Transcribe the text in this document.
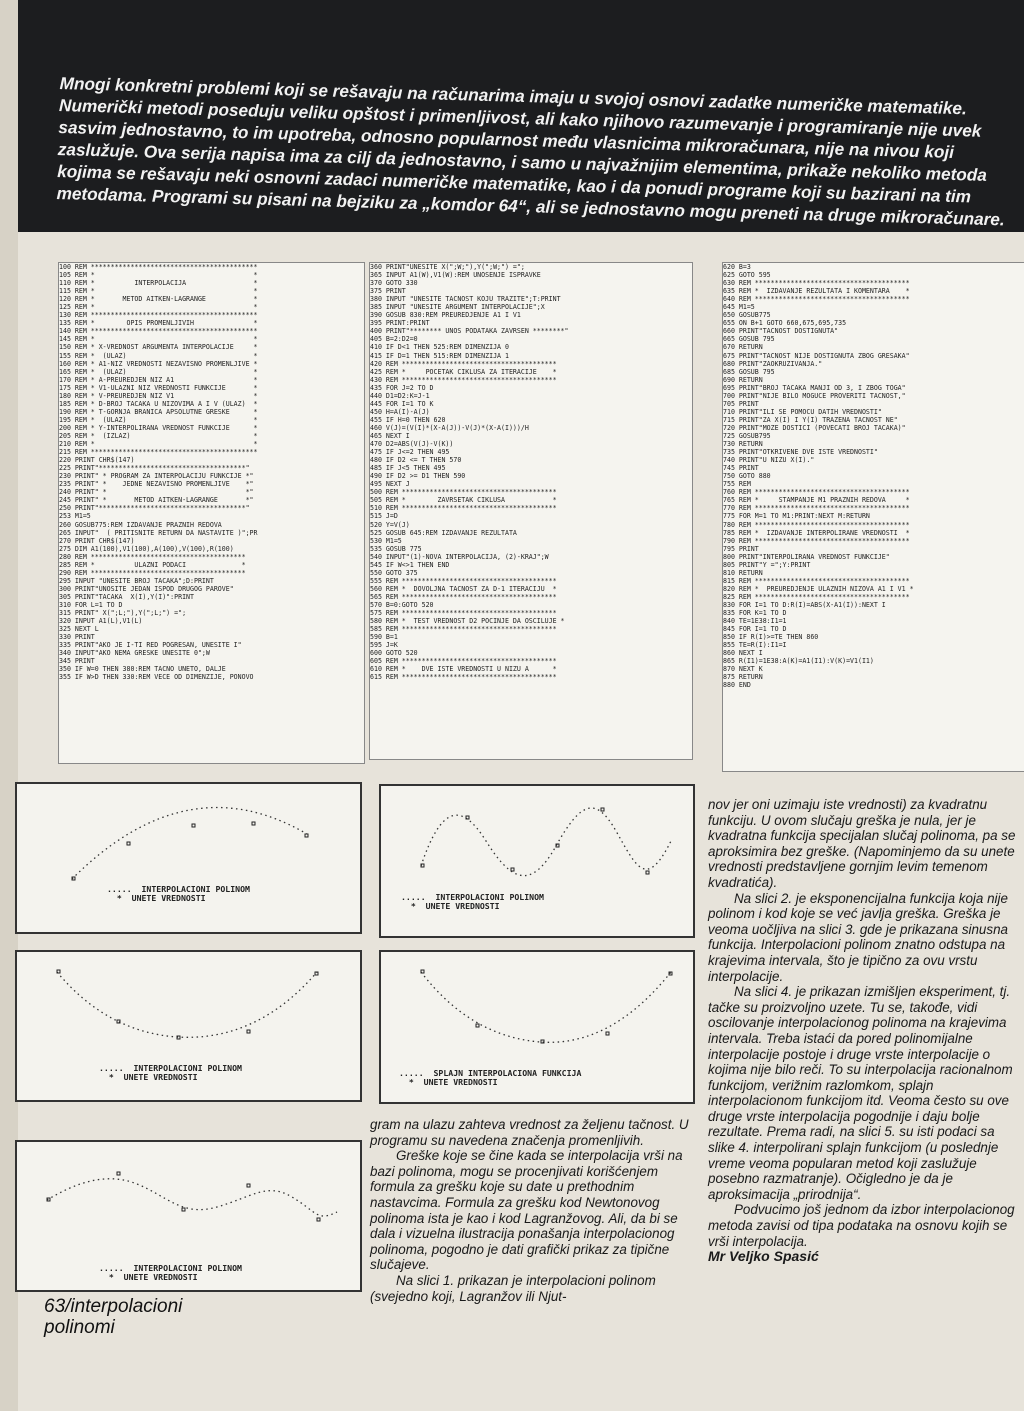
Mnogi konkretni problemi koji se rešavaju na računarima imaju u svojoj osnovi zadatke numeričke matematike. Numerički metodi poseduju veliku opštost i primenljivost, ali kako njihovo razumevanje i programiranje nije uvek sasvim jednostavno, to im upotreba, odnosno popularnost među vlasnicima mikroračunara, nije na nivou koji zaslužuje. Ova serija napisa ima za cilj da jednostavno, i samo u najvažnijim elementima, prikaže nekoliko metoda kojima se rešavaju neki osnovni zadaci numeričke matematike, kao i da ponudi programe koji su bazirani na tim metodama. Programi su pisani na bejziku za „komdor 64“, ali se jednostavno mogu preneti na druge mikroračunare.

100 REM ******************************************
105 REM *                                        *
110 REM *          INTERPOLACIJA                 *
115 REM *                                        *
120 REM *       METOD AITKEN-LAGRANGE            *
125 REM *                                        *
130 REM ******************************************
135 REM *        OPIS PROMENLJIVIH               *
140 REM ******************************************
145 REM *                                        *
150 REM * X-VREDNOST ARGUMENTA INTERPOLACIJE     *
155 REM *  (ULAZ)                                *
160 REM * A1-NIZ VREDNOSTI NEZAVISNO PROMENLJIVE *
165 REM *  (ULAZ)                                *
170 REM * A-PREUREDJEN NIZ A1                    *
175 REM * V1-ULAZNI NIZ VREDNOSTI FUNKCIJE       *
180 REM * V-PREUREDJEN NIZ V1                    *
185 REM * D-BROJ TACAKA U NIZOVIMA A I V (ULAZ)  *
190 REM * T-GORNJA BRANICA APSOLUTNE GRESKE      *
195 REM *  (ULAZ)                                *
200 REM * Y-INTERPOLIRANA VREDNOST FUNKCIJE      *
205 REM *  (IZLAZ)                               *
210 REM *                                        *
215 REM ******************************************
220 PRINT CHR$(147)
225 PRINT"*************************************"
230 PRINT" * PROGRAM ZA INTERPOLACIJU FUNKCIJE *"
235 PRINT" *    JEDNE NEZAVISNO PROMENLJIVE    *"
240 PRINT" *                                   *"
245 PRINT" *       METOD AITKEN-LAGRANGE       *"
250 PRINT"*************************************"
253 M1=5
260 GOSUB775:REM IZDAVANJE PRAZNIH REDOVA
265 INPUT"  ( PRITISNITE RETURN DA NASTAVITE )";PR
270 PRINT CHR$(147)
275 DIM A1(100),V1(100),A(100),V(100),R(100)
280 REM ***************************************
285 REM *          ULAZNI PODACI              *
290 REM ***************************************
295 INPUT "UNESITE BROJ TACAKA";D:PRINT
300 PRINT"UNOSITE JEDAN ISPOD DRUGOG PAROVE"
305 PRINT"TACAKA  X(I),Y(I)":PRINT
310 FOR L=1 TO D
315 PRINT" X(";L;"),Y(";L;") =";
320 INPUT A1(L),V1(L)
325 NEXT L
330 PRINT
335 PRINT"AKO JE I-TI RED POGRESAN, UNESITE I"
340 INPUT"AKO NEMA GRESKE UNESITE 0";W
345 PRINT
350 IF W=0 THEN 380:REM TACNO UNETO, DALJE
355 IF W>D THEN 330:REM VECE OD DIMENZIJE, PONOVO
360 PRINT"UNESITE X(";W;"),Y(";W;") =";
365 INPUT A1(W),V1(W):REM UNOSENJE ISPRAVKE
370 GOTO 330
375 PRINT
380 INPUT "UNESITE TACNOST KOJU TRAZITE";T:PRINT
385 INPUT "UNESITE ARGUMENT INTERPOLACIJE";X
390 GOSUB 830:REM PREUREDJENJE A1 I V1
395 PRINT:PRINT
400 PRINT"******** UNOS PODATAKA ZAVRSEN ********"
405 B=2:D2=0
410 IF D<1 THEN 525:REM DIMENZIJA 0
415 IF D=1 THEN 515:REM DIMENZIJA 1
420 REM ***************************************
425 REM *     POCETAK CIKLUSA ZA ITERACIJE    *
430 REM ***************************************
435 FOR J=2 TO D
440 D1=D2:K=J-1
445 FOR I=1 TO K
450 H=A(I)-A(J)
455 IF H=0 THEN 620
460 V(J)=(V(I)*(X-A(J))-V(J)*(X-A(I)))/H
465 NEXT I
470 D2=ABS(V(J)-V(K))
475 IF J<=2 THEN 495
480 IF D2 <= T THEN 570
485 IF J<5 THEN 495
490 IF D2 >= D1 THEN 590
495 NEXT J
500 REM ***************************************
505 REM *        ZAVRSETAK CIKLUSA            *
510 REM ***************************************
515 J=D
520 Y=V(J)
525 GOSUB 645:REM IZDAVANJE REZULTATA
530 M1=5
535 GOSUB 775
540 INPUT"(1)-NOVA INTERPOLACIJA, (2)-KRAJ";W
545 IF W<>1 THEN END
550 GOTO 375
555 REM ***************************************
560 REM *  DOVOLJNA TACNOST ZA D-1 ITERACIJU  *
565 REM ***************************************
570 B=0:GOTO 520
575 REM ***************************************
580 REM *  TEST VREDNOST D2 POCINJE DA OSCILUJE *
585 REM ***************************************
590 B=1
595 J=K
600 GOTO 520
605 REM ***************************************
610 REM *    DVE ISTE VREDNOSTI U NIZU A      *
615 REM ***************************************
620 B=3
625 GOTO 595
630 REM ***************************************
635 REM *  IZDAVANJE REZULTATA I KOMENTARA    *
640 REM ***************************************
645 M1=5
650 GOSUB775
655 ON B+1 GOTO 660,675,695,735
660 PRINT"TACNOST DOSTIGNUTA"
665 GOSUB 795
670 RETURN
675 PRINT"TACNOST NIJE DOSTIGNUTA ZBOG GRESAKA"
680 PRINT"ZAOKRUZIVANJA."
685 GOSUB 795
690 RETURN
695 PRINT"BROJ TACAKA MANJI OD 3, I ZBOG TOGA"
700 PRINT"NIJE BILO MOGUCE PROVERITI TACNOST,"
705 PRINT
710 PRINT"ILI SE POMOCU DATIH VREDNOSTI"
715 PRINT"ZA X(I) I Y(I) TRAZENA TACNOST NE"
720 PRINT"MOZE DOSTICI (POVECATI BROJ TACAKA)"
725 GOSUB795
730 RETURN
735 PRINT"OTKRIVENE DVE ISTE VREDNOSTI"
740 PRINT"U NIZU X(I)."
745 PRINT
750 GOTO 880
755 REM
760 REM ***************************************
765 REM *     STAMPANJE M1 PRAZNIH REDOVA     *
770 REM ***************************************
775 FOR M=1 TO M1:PRINT:NEXT M:RETURN
780 REM ***************************************
785 REM *  IZDAVANJE INTERPOLIRANE VREDNOSTI  *
790 REM ***************************************
795 PRINT
800 PRINT"INTERPOLIRANA VREDNOST FUNKCIJE"
805 PRINT"Y =";Y:PRINT
810 RETURN
815 REM ***************************************
820 REM *  PREUREDJENJE ULAZNIH NIZOVA A1 I V1 *
825 REM ***************************************
830 FOR I=1 TO D:R(I)=ABS(X-A1(I)):NEXT I
835 FOR K=1 TO D
840 TE=1E38:I1=1
845 FOR I=1 TO D
850 IF R(I)>=TE THEN 860
855 TE=R(I):I1=I
860 NEXT I
865 R(I1)=1E38:A(K)=A1(I1):V(K)=V1(I1)
870 NEXT K
875 RETURN
880 END
.....  INTERPOLACIONI POLINOM
*  UNETE VREDNOSTI	.....  INTERPOLACIONI POLINOM
*  UNETE VREDNOSTI
.....  INTERPOLACIONI POLINOM
*  UNETE VREDNOSTI	.....  SPLAJN INTERPOLACIONA FUNKCIJA
*  UNETE VREDNOSTI
.....  INTERPOLACIONI POLINOM
*  UNETE VREDNOSTI
63/interpolacioni polinomi

gram na ulazu zahteva vrednost za željenu tačnost. U programu su navedena značenja promenljivih.

Greške koje se čine kada se interpolacija vrši na bazi polinoma, mogu se procenjivati korišćenjem formula za grešku koje su date u prethodnim nastavcima. Formula za grešku kod Newtonovog polinoma ista je kao i kod Lagranžovog. Ali, da bi se dala i vizuelna ilustracija ponašanja interpolacionog polinoma, pogodno je dati grafički prikaz za tipične slučajeve.

Na slici 1. prikazan je interpolacioni polinom (svejedno koji, Lagranžov ili Njut-

nov jer oni uzimaju iste vrednosti) za kvadratnu funkciju. U ovom slučaju greška je nula, jer je kvadratna funkcija specijalan slučaj polinoma, pa se aproksimira bez greške. (Napominjemo da su unete vrednosti predstavljene gornjim levim temenom kvadratića).

Na slici 2. je eksponencijalna funkcija koja nije polinom i kod koje se već javlja greška. Greška je veoma uočljiva na slici 3. gde je prikazana sinusna funkcija. Interpolacioni polinom znatno odstupa na krajevima intervala, što je tipično za ovu vrstu interpolacije.

Na slici 4. je prikazan izmišljen eksperiment, tj. tačke su proizvoljno uzete. Tu se, takođe, vidi oscilovanje interpolacionog polinoma na krajevima intervala. Treba istaći da pored polinomijalne interpolacije postoje i druge vrste interpolacije o kojima nije bilo reči. To su interpolacija racionalnom funkcijom, verižnim razlomkom, splajn interpolacionom funkcijom itd. Veoma često su ove druge vrste interpolacija pogodnije i daju bolje rezultate. Prema radi, na slici 5. su isti podaci sa slike 4. interpolirani splajn funkcijom (u poslednje vreme veoma popularan metod koji zaslužuje posebno razmatranje). Očigledno je da je aproksimacija „prirodnija“.

Podvucimo još jednom da izbor interpolacionog metoda zavisi od tipa podataka na osnovu kojih se vrši interpolacija.

Mr Veljko Spasić
